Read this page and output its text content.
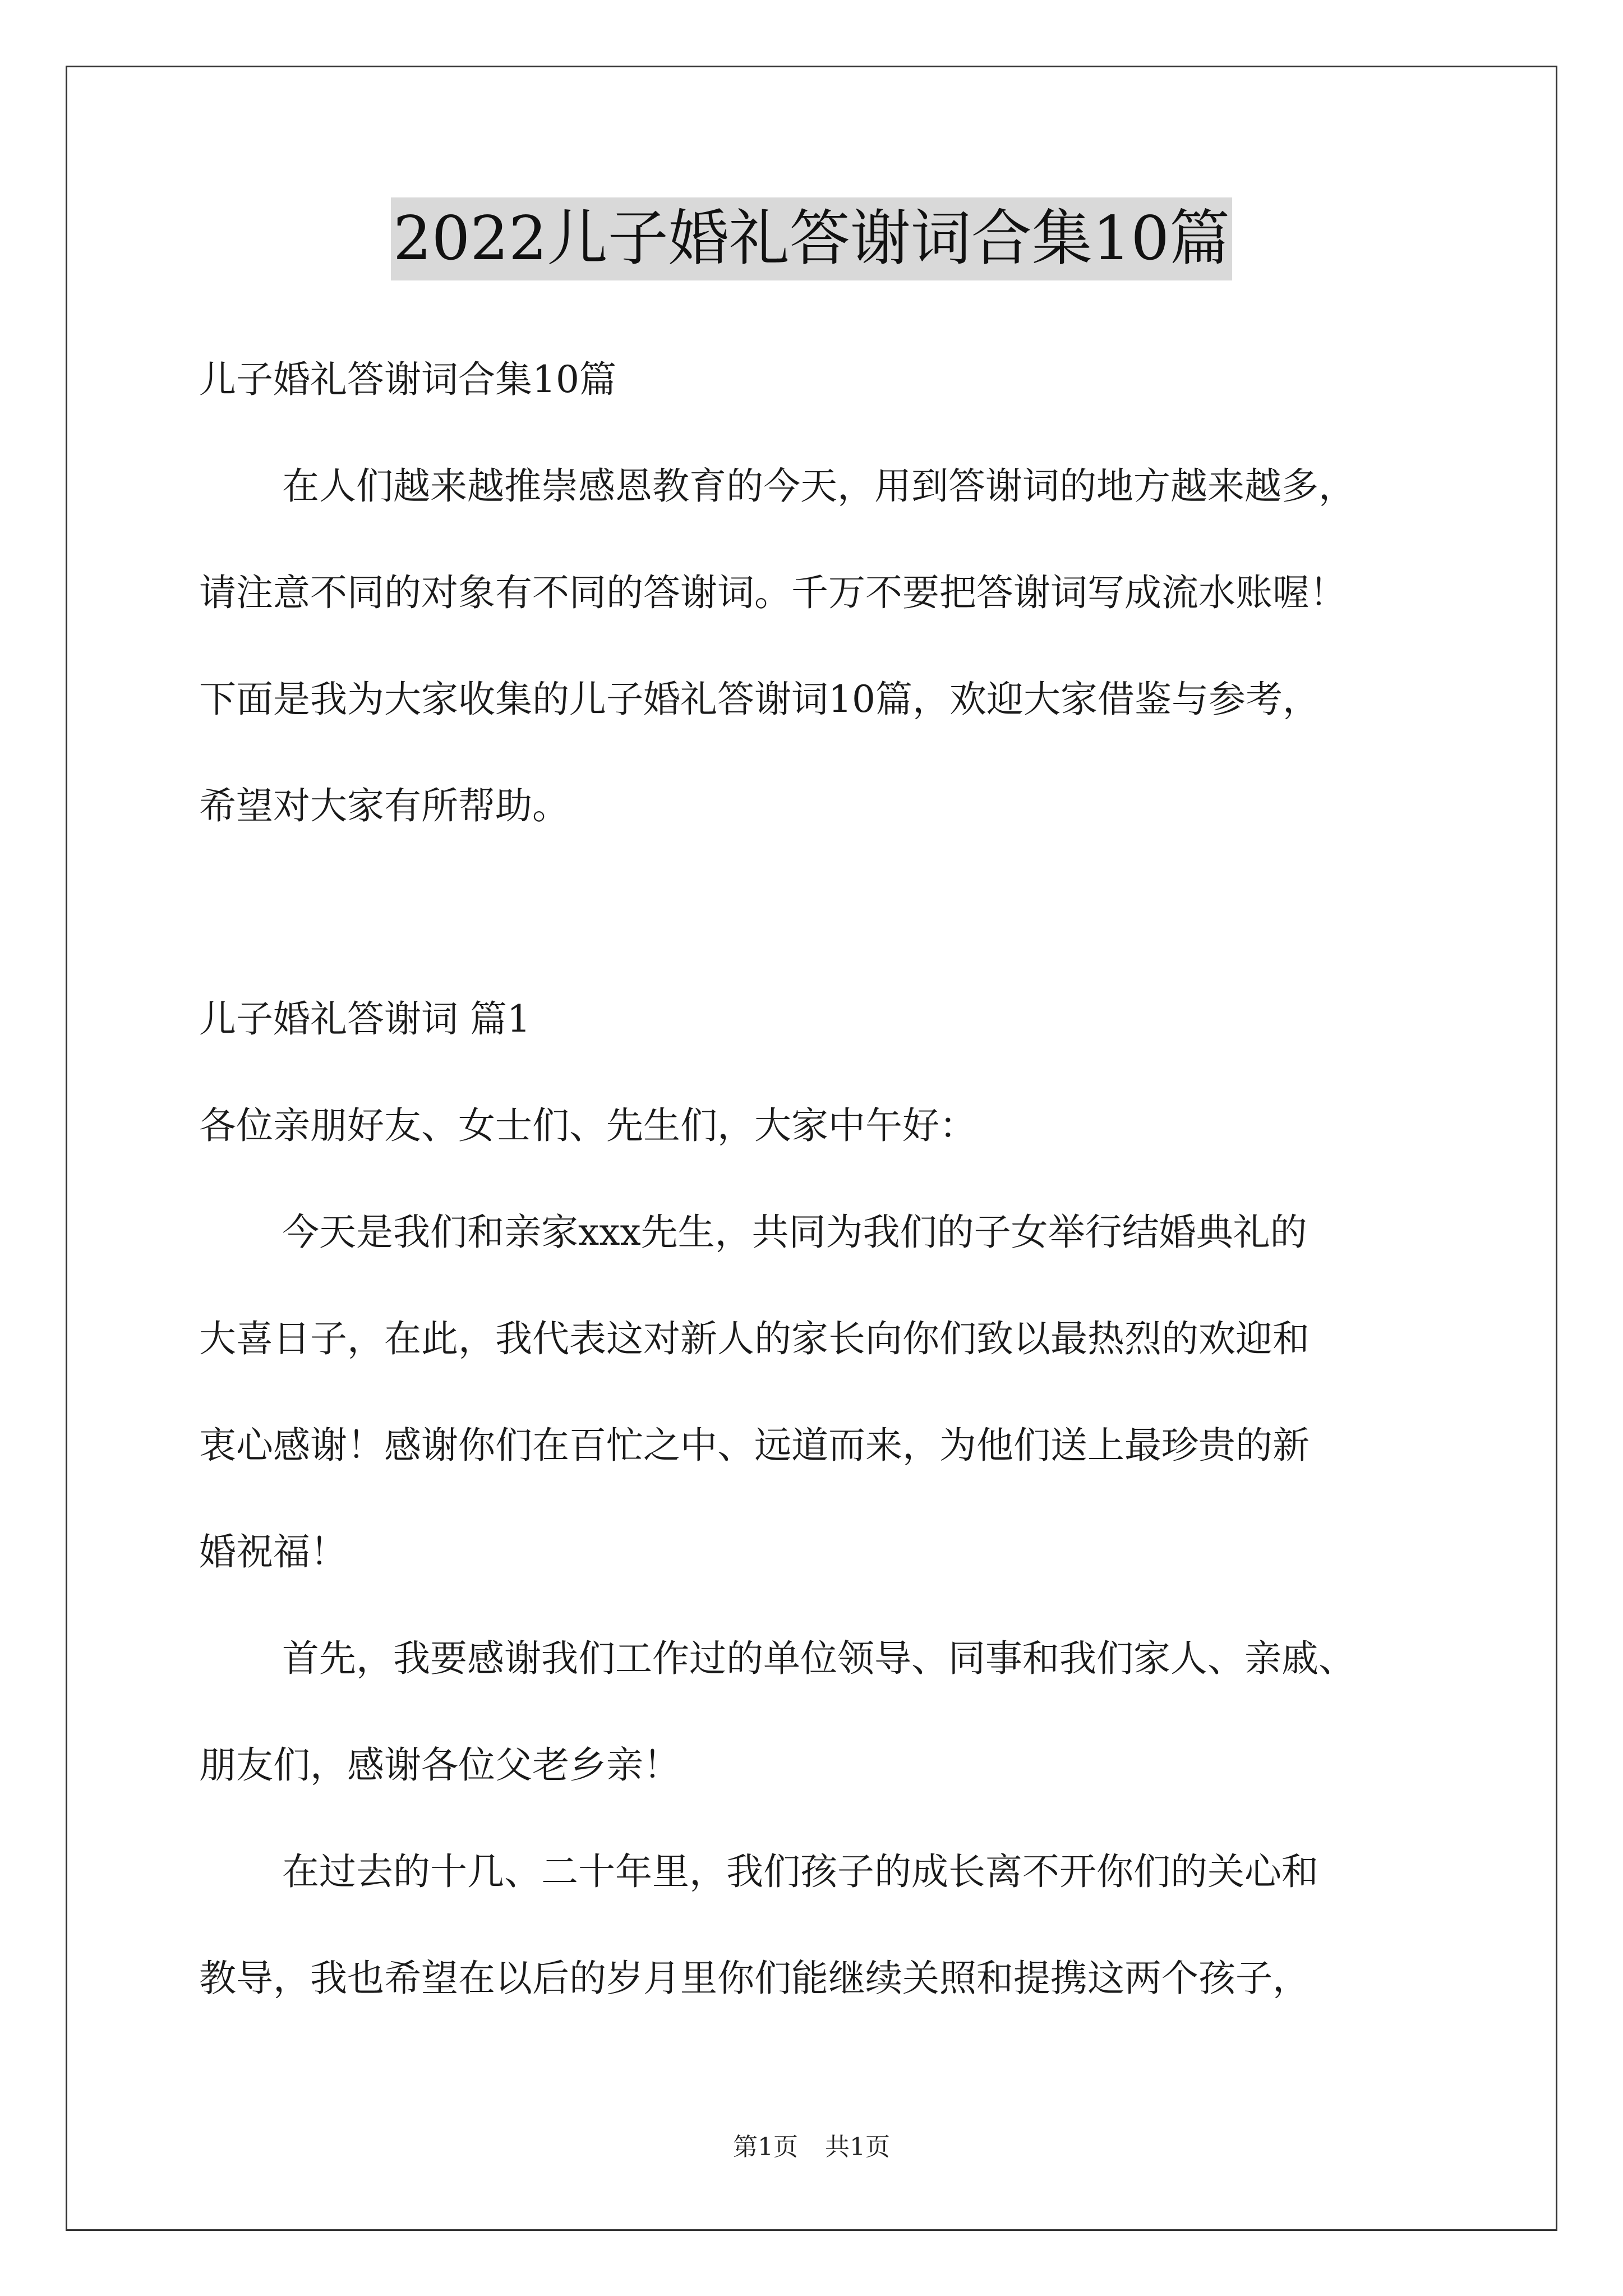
2022儿子婚礼答谢词合集10篇
儿子婚礼答谢词合集10篇
在人们越来越推崇感恩教育的今天，用到答谢词的地方越来越多，
请注意不同的对象有不同的答谢词。千万不要把答谢词写成流水账喔！
下面是我为大家收集的儿子婚礼答谢词10篇，欢迎大家借鉴与参考，
希望对大家有所帮助。
儿子婚礼答谢词 篇1
各位亲朋好友、女士们、先生们，大家中午好：
今天是我们和亲家xxx先生，共同为我们的子女举行结婚典礼的
大喜日子，在此，我代表这对新人的家长向你们致以最热烈的欢迎和
衷心感谢！感谢你们在百忙之中、远道而来，为他们送上最珍贵的新
婚祝福！
首先，我要感谢我们工作过的单位领导、同事和我们家人、亲戚、
朋友们，感谢各位父老乡亲！
在过去的十几、二十年里，我们孩子的成长离不开你们的关心和
教导，我也希望在以后的岁月里你们能继续关照和提携这两个孩子，
第1页 共1页
